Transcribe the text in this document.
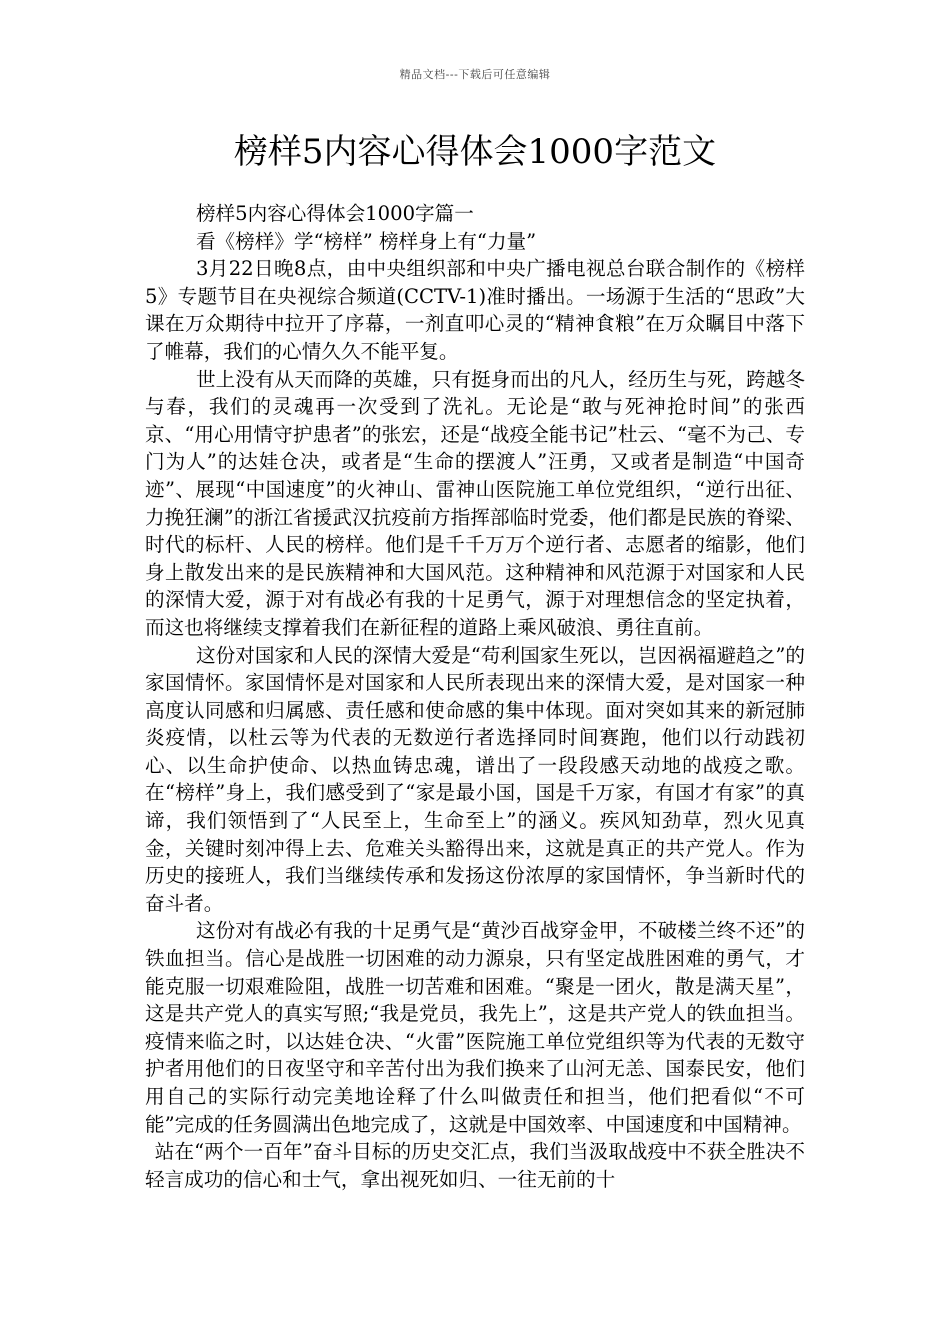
精品文档---下载后可任意编辑
榜样5内容心得体会1000字范文

榜样5内容心得体会1000字篇一

看《榜样》学“榜样” 榜样身上有“力量”

3月22日晚8点，由中央组织部和中央广播电视总台联合制作的《榜样5》专题节目在央视综合频道(CCTV-1)准时播出。一场源于生活的“思政”大课在万众期待中拉开了序幕，一剂直叩心灵的“精神食粮”在万众瞩目中落下了帷幕，我们的心情久久不能平复。

世上没有从天而降的英雄，只有挺身而出的凡人，经历生与死，跨越冬与春，我们的灵魂再一次受到了洗礼。无论是“敢与死神抢时间”的张西京、“用心用情守护患者”的张宏，还是“战疫全能书记”杜云、“毫不为己、专门为人”的达娃仓决，或者是“生命的摆渡人”汪勇，又或者是制造“中国奇迹”、展现“中国速度”的火神山、雷神山医院施工单位党组织，“逆行出征、力挽狂澜”的浙江省援武汉抗疫前方指挥部临时党委，他们都是民族的脊梁、时代的标杆、人民的榜样。他们是千千万万个逆行者、志愿者的缩影，他们身上散发出来的是民族精神和大国风范。这种精神和风范源于对国家和人民的深情大爱，源于对有战必有我的十足勇气，源于对理想信念的坚定执着，而这也将继续支撑着我们在新征程的道路上乘风破浪、勇往直前。

这份对国家和人民的深情大爱是“苟利国家生死以，岂因祸福避趋之”的家国情怀。家国情怀是对国家和人民所表现出来的深情大爱，是对国家一种高度认同感和归属感、责任感和使命感的集中体现。面对突如其来的新冠肺炎疫情，以杜云等为代表的无数逆行者选择同时间赛跑，他们以行动践初心、以生命护使命、以热血铸忠魂，谱出了一段段感天动地的战疫之歌。在“榜样”身上，我们感受到了“家是最小国，国是千万家，有国才有家”的真谛，我们领悟到了“人民至上，生命至上”的涵义。疾风知劲草，烈火见真金，关键时刻冲得上去、危难关头豁得出来，这就是真正的共产党人。作为历史的接班人，我们当继续传承和发扬这份浓厚的家国情怀，争当新时代的奋斗者。

这份对有战必有我的十足勇气是“黄沙百战穿金甲，不破楼兰终不还”的铁血担当。信心是战胜一切困难的动力源泉，只有坚定战胜困难的勇气，才能克服一切艰难险阻，战胜一切苦难和困难。“聚是一团火，散是满天星”，这是共产党人的真实写照;“我是党员，我先上”，这是共产党人的铁血担当。疫情来临之时，以达娃仓决、“火雷”医院施工单位党组织等为代表的无数守护者用他们的日夜坚守和辛苦付出为我们换来了山河无恙、国泰民安，他们用自己的实际行动完美地诠释了什么叫做责任和担当，他们把看似“不可能”完成的任务圆满出色地完成了，这就是中国效率、中国速度和中国精神。

站在“两个一百年”奋斗目标的历史交汇点，我们当汲取战疫中不获全胜决不轻言成功的信心和士气，拿出视死如归、一往无前的十
